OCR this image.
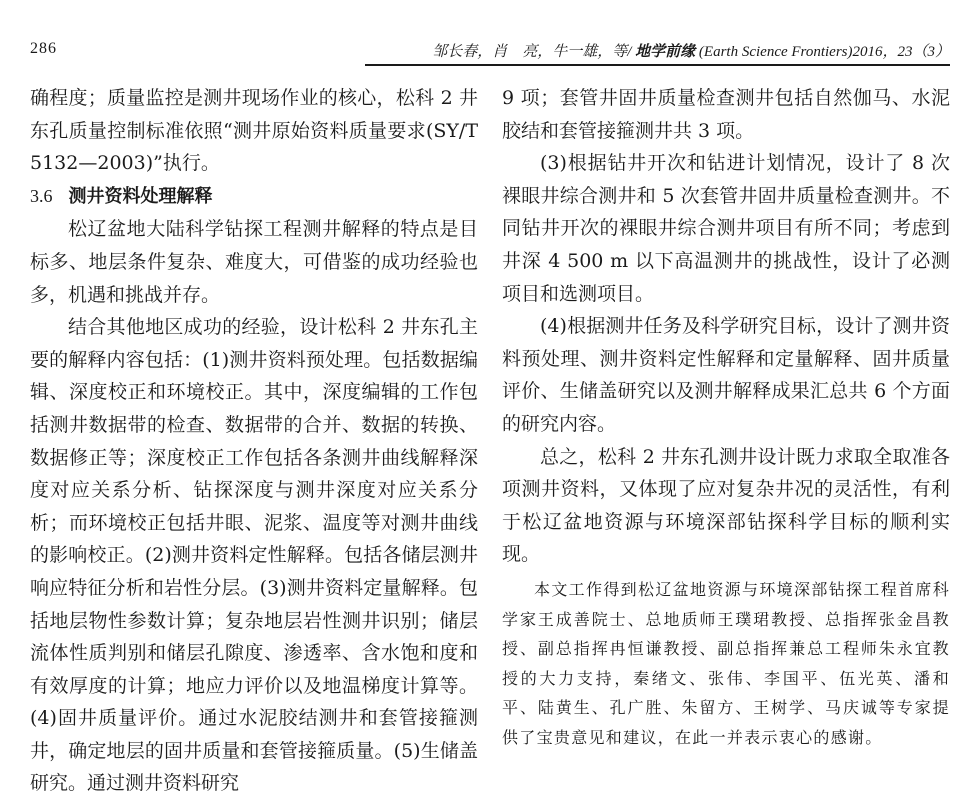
286	邹长春，肖　亮，牛一雄，等/ 地学前缘 (Earth Science Frontiers)2016，23（3）

确程度；质量监控是测井现场作业的核心，松科 2 井东孔质量控制标准依照“测井原始资料质量要求(SY/T 5132—2003)”执行。

3.6 测井资料处理解释

松辽盆地大陆科学钻探工程测井解释的特点是目标多、地层条件复杂、难度大，可借鉴的成功经验也多，机遇和挑战并存。

结合其他地区成功的经验，设计松科 2 井东孔主要的解释内容包括：(1)测井资料预处理。包括数据编辑、深度校正和环境校正。其中，深度编辑的工作包括测井数据带的检查、数据带的合并、数据的转换、数据修正等；深度校正工作包括各条测井曲线解释深度对应关系分析、钻探深度与测井深度对应关系分析；而环境校正包括井眼、泥浆、温度等对测井曲线的影响校正。(2)测井资料定性解释。包括各储层测井响应特征分析和岩性分层。(3)测井资料定量解释。包括地层物性参数计算；复杂地层岩性测井识别；储层流体性质判别和储层孔隙度、渗透率、含水饱和度和有效厚度的计算；地应力评价以及地温梯度计算等。(4)固井质量评价。通过水泥胶结测井和套管接箍测井，确定地层的固井质量和套管接箍质量。(5)生储盖研究。通过测井资料研究

9 项；套管井固井质量检查测井包括自然伽马、水泥胶结和套管接箍测井共 3 项。

(3)根据钻井开次和钻进计划情况，设计了 8 次裸眼井综合测井和 5 次套管井固井质量检查测井。不同钻井开次的裸眼井综合测井项目有所不同；考虑到井深 4 500 m 以下高温测井的挑战性，设计了必测项目和选测项目。

(4)根据测井任务及科学研究目标，设计了测井资料预处理、测井资料定性解释和定量解释、固井质量评价、生储盖研究以及测井解释成果汇总共 6 个方面的研究内容。

总之，松科 2 井东孔测井设计既力求取全取准各项测井资料，又体现了应对复杂井况的灵活性，有利于松辽盆地资源与环境深部钻探科学目标的顺利实现。

本文工作得到松辽盆地资源与环境深部钻探工程首席科学家王成善院士、总地质师王璞珺教授、总指挥张金昌教授、副总指挥冉恒谦教授、副总指挥兼总工程师朱永宜教授的大力支持，秦绪文、张伟、李国平、伍光英、潘和平、陆黄生、孔广胜、朱留方、王树学、马庆诚等专家提供了宝贵意见和建议，在此一并表示衷心的感谢。
